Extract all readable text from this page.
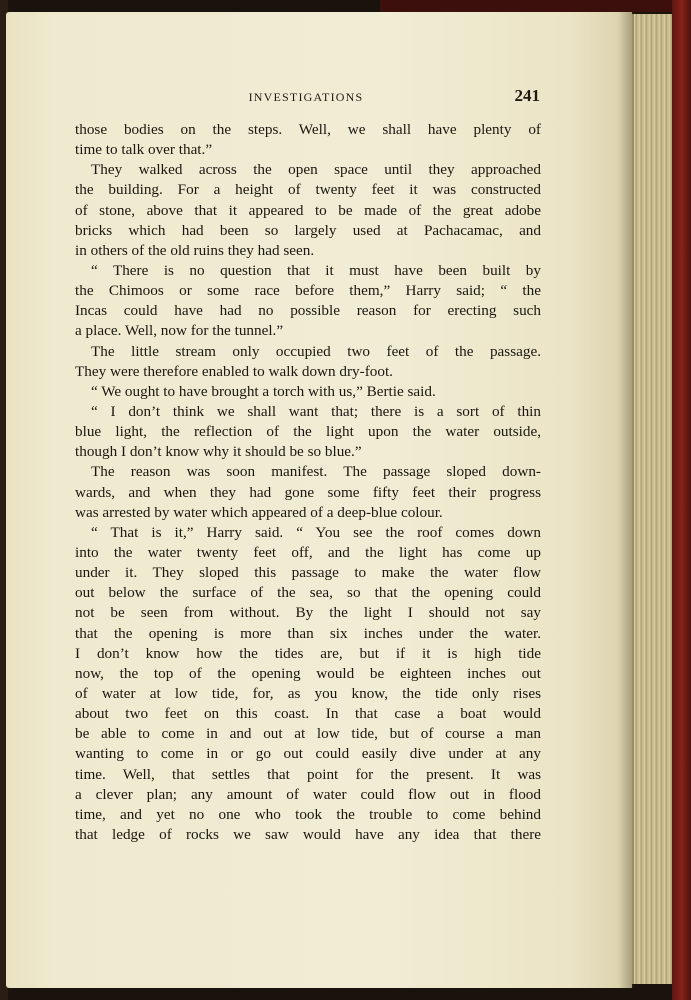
INVESTIGATIONS	241
those bodies on the steps. Well, we shall have plenty of
time to talk over that.”
They walked across the open space until they approached
the building. For a height of twenty feet it was constructed
of stone, above that it appeared to be made of the great adobe
bricks which had been so largely used at Pachacamac, and
in others of the old ruins they had seen.
“ There is no question that it must have been built by
the Chimoos or some race before them,” Harry said; “ the
Incas could have had no possible reason for erecting such
a place. Well, now for the tunnel.”
The little stream only occupied two feet of the passage.
They were therefore enabled to walk down dry-foot.
“ We ought to have brought a torch with us,” Bertie said.
“ I don’t think we shall want that; there is a sort of thin
blue light, the reflection of the light upon the water outside,
though I don’t know why it should be so blue.”
The reason was soon manifest. The passage sloped down-
wards, and when they had gone some fifty feet their progress
was arrested by water which appeared of a deep-blue colour.
“ That is it,” Harry said. “ You see the roof comes down
into the water twenty feet off, and the light has come up
under it. They sloped this passage to make the water flow
out below the surface of the sea, so that the opening could
not be seen from without. By the light I should not say
that the opening is more than six inches under the water.
I don’t know how the tides are, but if it is high tide
now, the top of the opening would be eighteen inches out
of water at low tide, for, as you know, the tide only rises
about two feet on this coast. In that case a boat would
be able to come in and out at low tide, but of course a man
wanting to come in or go out could easily dive under at any
time. Well, that settles that point for the present. It was
a clever plan; any amount of water could flow out in flood
time, and yet no one who took the trouble to come behind
that ledge of rocks we saw would have any idea that there
